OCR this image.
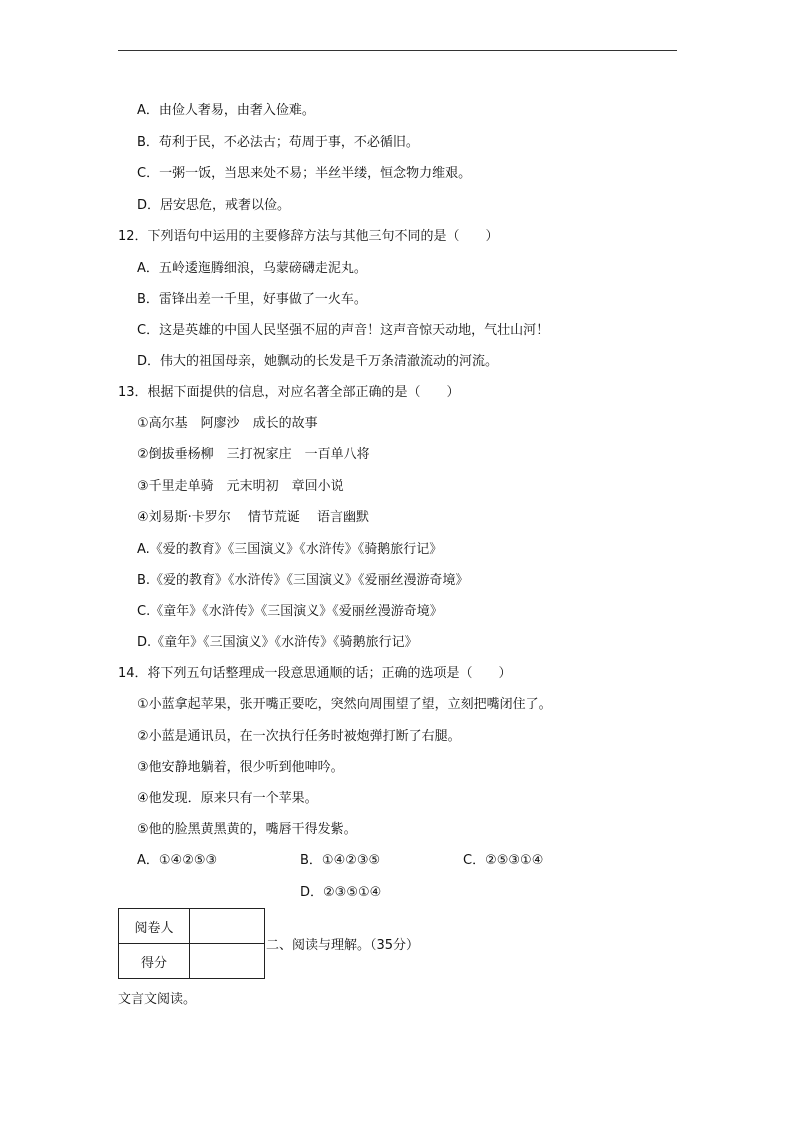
A．由俭人奢易，由奢入俭难。
B．苟利于民，不必法古；苟周于事，不必循旧。
C．一粥一饭，当思来处不易；半丝半缕，恒念物力维艰。
D．居安思危，戒奢以俭。
12．下列语句中运用的主要修辞方法与其他三句不同的是（　　）
A．五岭逶迤腾细浪，乌蒙磅礴走泥丸。
B．雷锋出差一千里，好事做了一火车。
C．这是英雄的中国人民坚强不屈的声音！这声音惊天动地，气壮山河！
D．伟大的祖国母亲，她飘动的长发是千万条清澈流动的河流。
13．根据下面提供的信息，对应名著全部正确的是（　　）
①高尔基　阿廖沙　成长的故事
②倒拔垂杨柳　三打祝家庄　一百单八将
③千里走单骑　元末明初　章回小说
④刘易斯·卡罗尔　 情节荒诞　 语言幽默
A.《爱的教育》《三国演义》《水浒传》《骑鹅旅行记》
B.《爱的教育》《水浒传》《三国演义》《爱丽丝漫游奇境》
C.《童年》《水浒传》《三国演义》《爱丽丝漫游奇境》
D.《童年》《三国演义》《水浒传》《骑鹅旅行记》
14．将下列五句话整理成一段意思通顺的话；正确的选项是（　　）
①小蓝拿起苹果，张开嘴正要吃，突然向周围望了望，立刻把嘴闭住了。
②小蓝是通讯员，在一次执行任务时被炮弹打断了右腿。
③他安静地躺着，很少听到他呻吟。
④他发现．原来只有一个苹果。
⑤他的脸黑黄黑黄的，嘴唇干得发紫。
A．①④②⑤③	B．①④②③⑤	C．②⑤③①④
D．②③⑤①④
阅卷人	
得分	
二、阅读与理解。（35分）
文言文阅读。
